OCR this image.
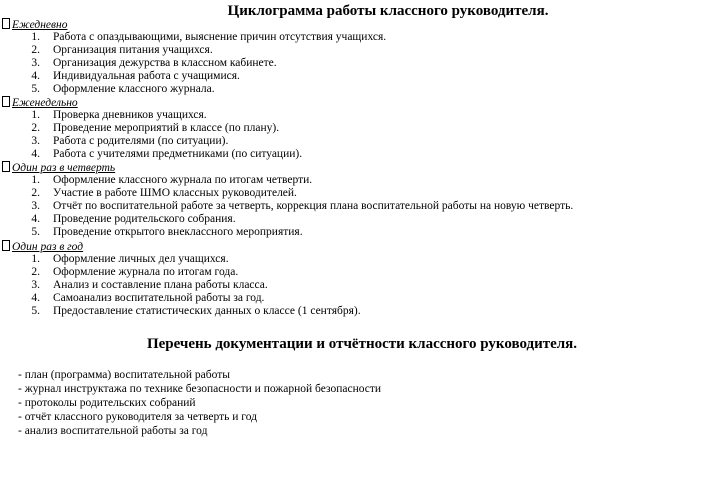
Циклограмма работы классного руководителя.
Ежедневно
1. Работа с опаздывающими, выяснение причин отсутствия учащихся.
2. Организация питания учащихся.
3. Организация дежурства в классном кабинете.
4. Индивидуальная работа с учащимися.
5. Оформление классного журнала.
Еженедельно
1. Проверка дневников учащихся.
2. Проведение мероприятий в классе (по плану).
3. Работа с родителями (по ситуации).
4. Работа с учителями предметниками (по ситуации).
Один раз в четверть
1. Оформление классного журнала по итогам четверти.
2. Участие в работе ШМО классных руководителей.
3. Отчёт по воспитательной работе за четверть, коррекция плана воспитательной работы на новую четверть.
4. Проведение родительского собрания.
5. Проведение открытого внеклассного мероприятия.
Один раз в год
1. Оформление личных дел учащихся.
2. Оформление журнала по итогам года.
3. Анализ и составление плана работы класса.
4. Самоанализ воспитательной работы за год.
5. Предоставление статистических данных о классе (1 сентября).
Перечень документации и отчётности классного руководителя.
- план (программа) воспитательной работы
- журнал инструктажа по технике безопасности и пожарной безопасности
- протоколы родительских собраний
- отчёт классного руководителя за четверть и год
- анализ воспитательной работы за год
